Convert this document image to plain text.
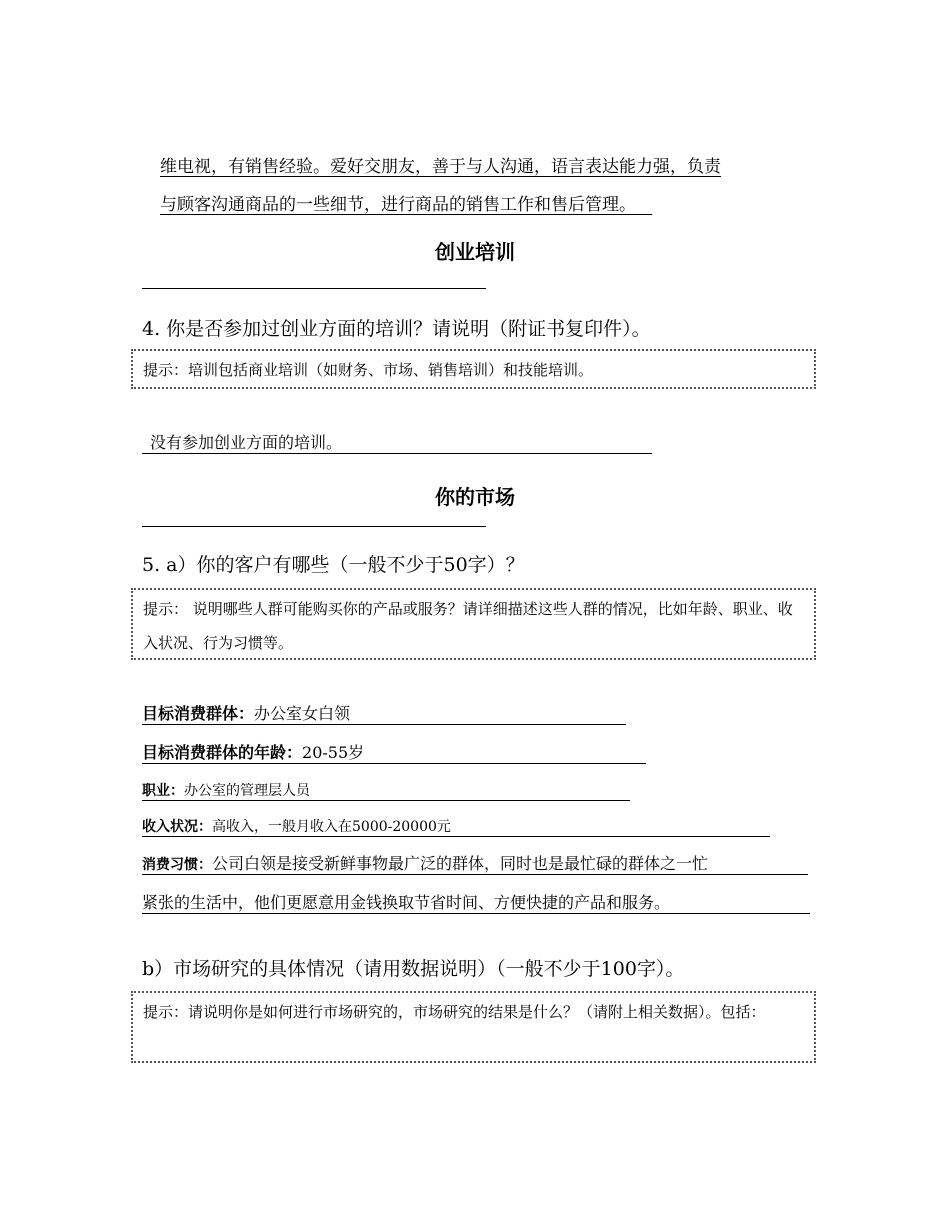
维电视，有销售经验。爱好交朋友，善于与人沟通，语言表达能力强，负责
与顾客沟通商品的一些细节，进行商品的销售工作和售后管理。
创业培训
4. 你是否参加过创业方面的培训？请说明（附证书复印件）。
提示：培训包括商业培训（如财务、市场、销售培训）和技能培训。
没有参加创业方面的培训。
你的市场
5. a）你的客户有哪些（一般不少于50字）？
提示： 说明哪些人群可能购买你的产品或服务？请详细描述这些人群的情况，比如年龄、职业、收入状况、行为习惯等。
目标消费群体：办公室女白领
目标消费群体的年龄：20-55岁
职业：办公室的管理层人员
收入状况：高收入，一般月收入在5000-20000元
消费习惯：公司白领是接受新鲜事物最广泛的群体，同时也是最忙碌的群体之一忙
紧张的生活中，他们更愿意用金钱换取节省时间、方便快捷的产品和服务。
b）市场研究的具体情况（请用数据说明）（一般不少于100字）。
提示：请说明你是如何进行市场研究的，市场研究的结果是什么？（请附上相关数据）。包括：
